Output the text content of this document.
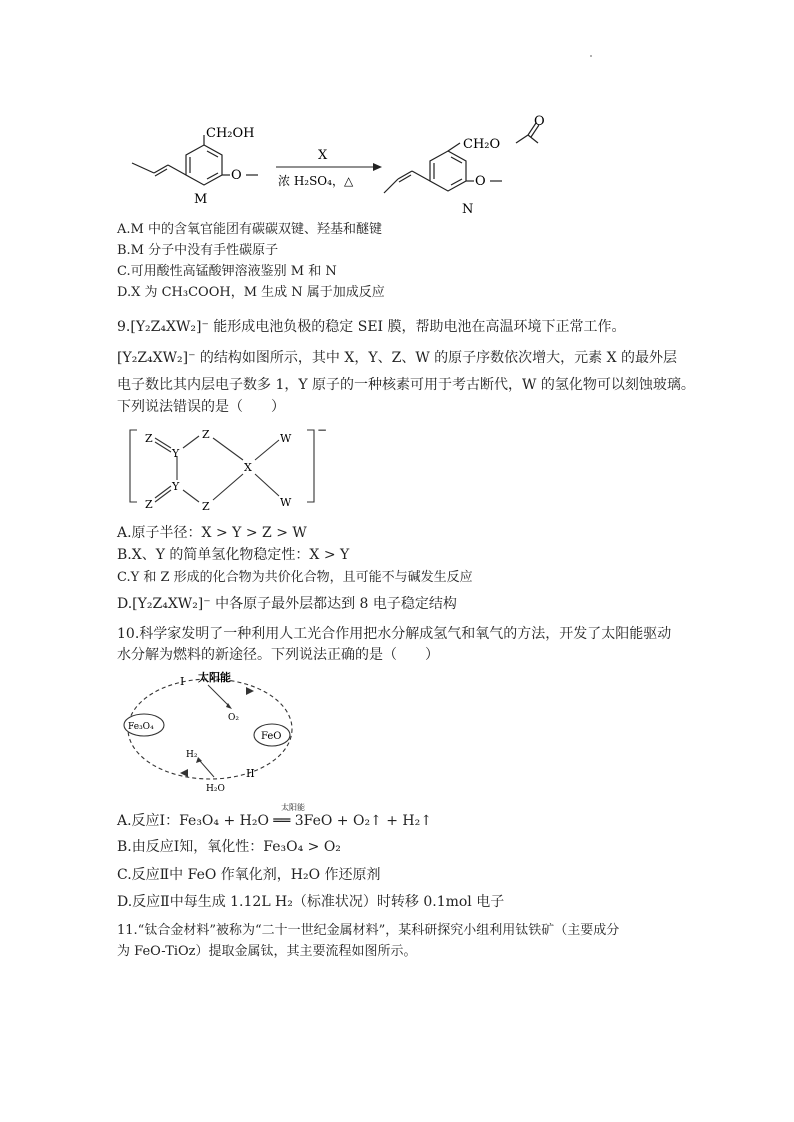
CH₂OH
O
M
X
浓 H₂SO₄，△
CH₂O
O
O
N
A.M 中的含氧官能团有碳碳双键、羟基和醚键
B.M 分子中没有手性碳原子
C.可用酸性高锰酸钾溶液鉴别 M 和 N
D.X 为 CH₃COOH，M 生成 N 属于加成反应
9.[Y₂Z₄XW₂]⁻ 能形成电池负极的稳定 SEI 膜，帮助电池在高温环境下正常工作。
[Y₂Z₄XW₂]⁻ 的结构如图所示，其中 X，Y、Z、W 的原子序数依次增大，元素 X 的最外层
电子数比其内层电子数多 1，Y 原子的一种核素可用于考古断代，W 的氢化物可以刻蚀玻璃。
下列说法错误的是（　　）
Z
Y
Z
Z
Y
Z
X
W
W
−
A.原子半径：X > Y > Z > W
B.X、Y 的简单氢化物稳定性：X > Y
C.Y 和 Z 形成的化合物为共价化合物，且可能不与碱发生反应
D.[Y₂Z₄XW₂]⁻ 中各原子最外层都达到 8 电子稳定结构
10.科学家发明了一种利用人工光合作用把水分解成氢气和氧气的方法，开发了太阳能驱动
水分解为燃料的新途径。下列说法正确的是（　　）
I 太阳能
O₂
Fe₃O₄
FeO
H₂
H₂O
II
A.反应Ⅰ：Fe₃O₄ + H₂O ══ 3FeO + O₂↑ + H₂↑
太阳能
B.由反应Ⅰ知，氧化性：Fe₃O₄ > O₂
C.反应Ⅱ中 FeO 作氧化剂，H₂O 作还原剂
D.反应Ⅱ中每生成 1.12L H₂（标准状况）时转移 0.1mol 电子
11.“钛合金材料”被称为“二十一世纪金属材料”，某科研探究小组利用钛铁矿（主要成分
为 FeO-TiOz）提取金属钛，其主要流程如图所示。
